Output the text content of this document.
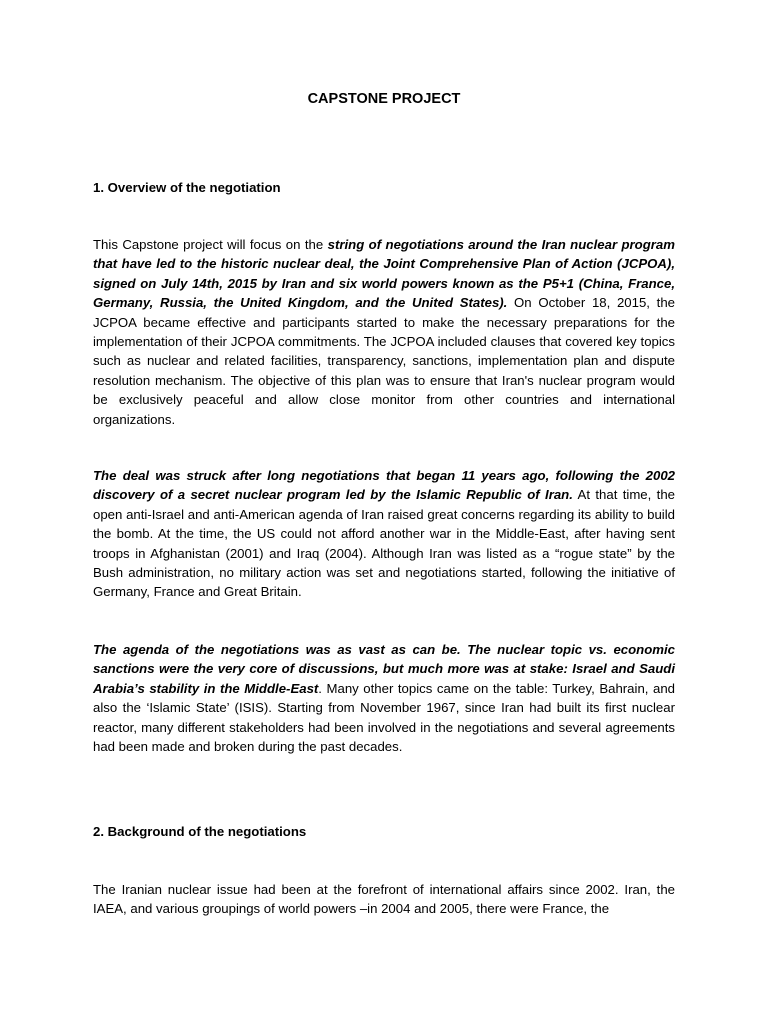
CAPSTONE PROJECT
1. Overview of the negotiation

This Capstone project will focus on the string of negotiations around the Iran nuclear program that have led to the historic nuclear deal, the Joint Comprehensive Plan of Action (JCPOA), signed on July 14th, 2015 by Iran and six world powers known as the P5+1 (China, France, Germany, Russia, the United Kingdom, and the United States). On October 18, 2015, the JCPOA became effective and participants started to make the necessary preparations for the implementation of their JCPOA commitments. The JCPOA included clauses that covered key topics such as nuclear and related facilities, transparency, sanctions, implementation plan and dispute resolution mechanism. The objective of this plan was to ensure that Iran's nuclear program would be exclusively peaceful and allow close monitor from other countries and international organizations.

The deal was struck after long negotiations that began 11 years ago, following the 2002 discovery of a secret nuclear program led by the Islamic Republic of Iran. At that time, the open anti-Israel and anti-American agenda of Iran raised great concerns regarding its ability to build the bomb. At the time, the US could not afford another war in the Middle-East, after having sent troops in Afghanistan (2001) and Iraq (2004). Although Iran was listed as a “rogue state” by the Bush administration, no military action was set and negotiations started, following the initiative of Germany, France and Great Britain.

The agenda of the negotiations was as vast as can be. The nuclear topic vs. economic sanctions were the very core of discussions, but much more was at stake: Israel and Saudi Arabia’s stability in the Middle-East. Many other topics came on the table: Turkey, Bahrain, and also the ‘Islamic State’ (ISIS). Starting from November 1967, since Iran had built its first nuclear reactor, many different stakeholders had been involved in the negotiations and several agreements had been made and broken during the past decades.

2. Background of the negotiations

The Iranian nuclear issue had been at the forefront of international affairs since 2002. Iran, the IAEA, and various groupings of world powers –in 2004 and 2005, there were France, the
